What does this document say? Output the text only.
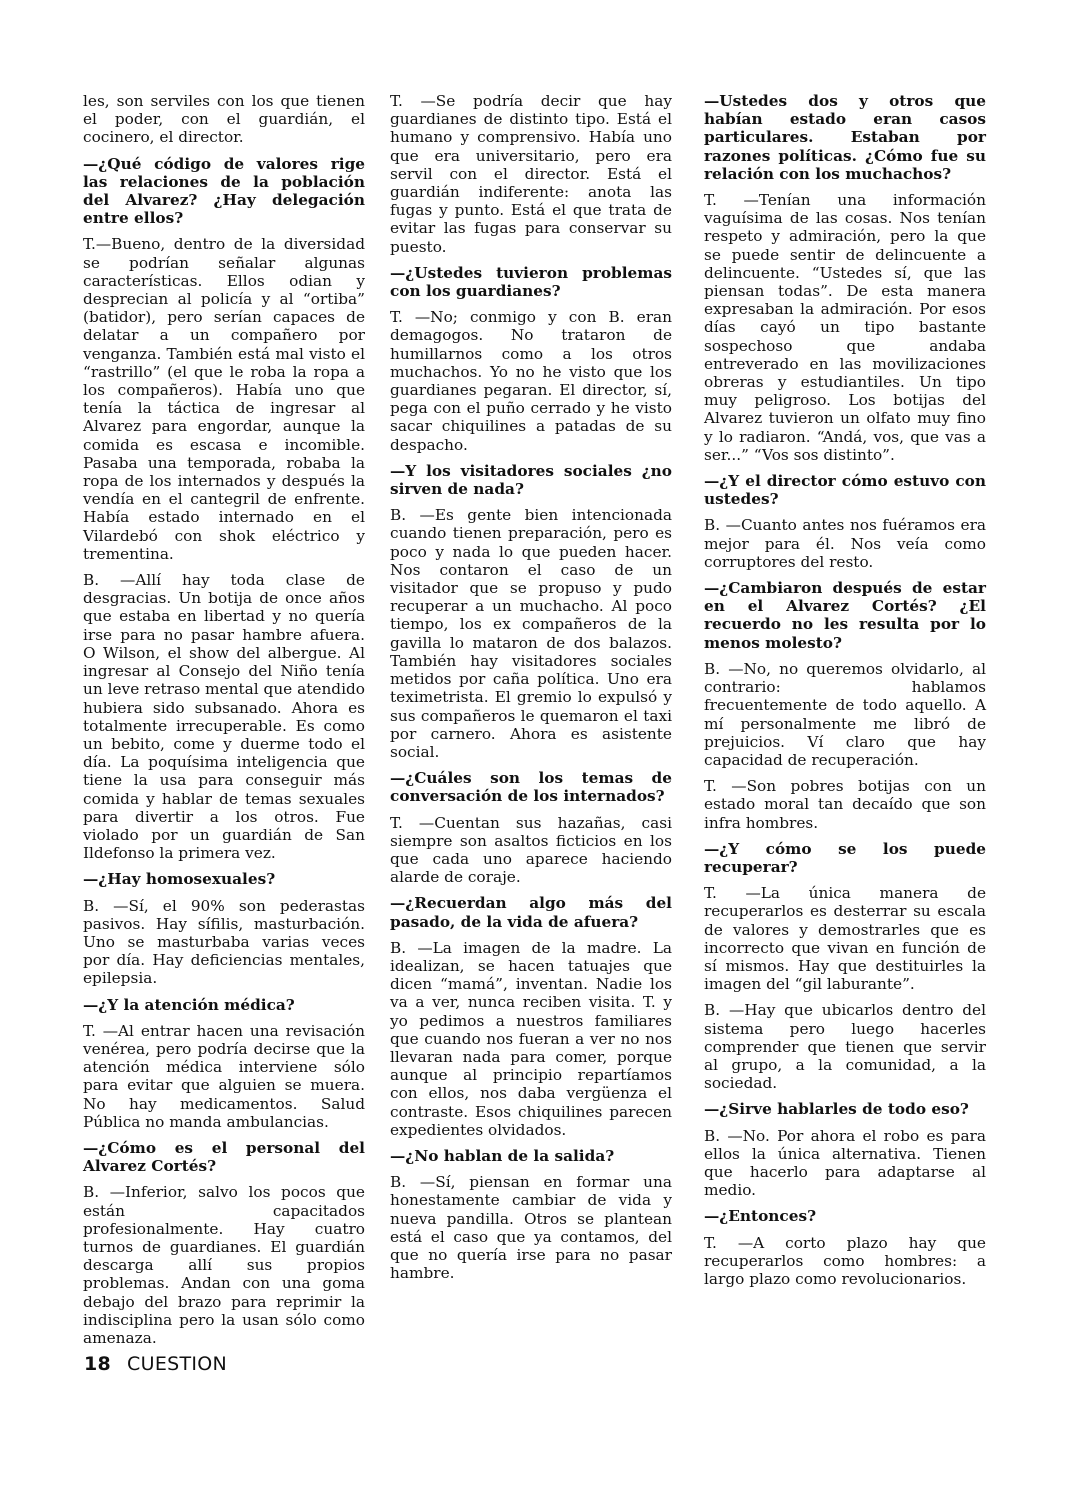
les, son serviles con los que tienen el poder, con el guardián, el cocinero, el director.

—¿Qué código de valores rige las relaciones de la población del Alvarez? ¿Hay delegación entre ellos?

T.—Bueno, dentro de la diversidad se podrían señalar algunas características. Ellos odian y desprecian al policía y al “ortiba” (batidor), pero serían capaces de delatar a un compañero por venganza. También está mal visto el “rastrillo” (el que le roba la ropa a los compañeros). Había uno que tenía la táctica de ingresar al Alvarez para engordar, aunque la comida es escasa e incomible. Pasaba una temporada, robaba la ropa de los internados y después la vendía en el cantegril de enfrente. Había estado internado en el Vilardebó con shok eléctrico y trementina.

B. —Allí hay toda clase de desgracias. Un botija de once años que estaba en libertad y no quería irse para no pasar hambre afuera. O Wilson, el show del albergue. Al ingresar al Consejo del Niño tenía un leve retraso mental que atendido hubiera sido subsanado. Ahora es totalmente irrecuperable. Es como un bebito, come y duerme todo el día. La poquísima inteligencia que tiene la usa para conseguir más comida y hablar de temas sexuales para divertir a los otros. Fue violado por un guardián de San Ildefonso la primera vez.

—¿Hay homosexuales?

B. —Sí, el 90% son pederastas pasivos. Hay sífilis, masturbación. Uno se masturbaba varias veces por día. Hay deficiencias mentales, epilepsia.

—¿Y la atención médica?

T. —Al entrar hacen una revisación venérea, pero podría decirse que la atención médica interviene sólo para evitar que alguien se muera. No hay medicamentos. Salud Pública no manda ambulancias.

—¿Cómo es el personal del Alvarez Cortés?

B. —Inferior, salvo los pocos que están capacitados profesionalmente. Hay cuatro turnos de guardianes. El guardián descarga allí sus propios problemas. Andan con una goma debajo del brazo para reprimir la indisciplina pero la usan sólo como amenaza.

T. —Se podría decir que hay guardianes de distinto tipo. Está el humano y comprensivo. Había uno que era universitario, pero era servil con el director. Está el guardián indiferente: anota las fugas y punto. Está el que trata de evitar las fugas para conservar su puesto.

—¿Ustedes tuvieron problemas con los guardianes?

T. —No; conmigo y con B. eran demagogos. No trataron de humillarnos como a los otros muchachos. Yo no he visto que los guardianes pegaran. El director, sí, pega con el puño cerrado y he visto sacar chiquilines a patadas de su despacho.

—Y los visitadores sociales ¿no sirven de nada?

B. —Es gente bien intencionada cuando tienen preparación, pero es poco y nada lo que pueden hacer. Nos contaron el caso de un visitador que se propuso y pudo recuperar a un muchacho. Al poco tiempo, los ex compañeros de la gavilla lo mataron de dos balazos. También hay visitadores sociales metidos por caña política. Uno era teximetrista. El gremio lo expulsó y sus compañeros le quemaron el taxi por carnero. Ahora es asistente social.

—¿Cuáles son los temas de conversación de los internados?

T. —Cuentan sus hazañas, casi siempre son asaltos ficticios en los que cada uno aparece haciendo alarde de coraje.

—¿Recuerdan algo más del pasado, de la vida de afuera?

B. —La imagen de la madre. La idealizan, se hacen tatuajes que dicen “mamá”, inventan. Nadie los va a ver, nunca reciben visita. T. y yo pedimos a nuestros familiares que cuando nos fueran a ver no nos llevaran nada para comer, porque aunque al principio repartíamos con ellos, nos daba vergüenza el contraste. Esos chiquilines parecen expedientes olvidados.

—¿No hablan de la salida?

B. —Sí, piensan en formar una honestamente cambiar de vida y nueva pandilla. Otros se plantean está el caso que ya contamos, del que no quería irse para no pasar hambre.

—Ustedes dos y otros que habían estado eran casos particulares. Estaban por razones políticas. ¿Cómo fue su relación con los muchachos?

T. —Tenían una información vaguísima de las cosas. Nos tenían respeto y admiración, pero la que se puede sentir de delincuente a delincuente. “Ustedes sí, que las piensan todas”. De esta manera expresaban la admiración. Por esos días cayó un tipo bastante sospechoso que andaba entreverado en las movilizaciones obreras y estudiantiles. Un tipo muy peligroso. Los botijas del Alvarez tuvieron un olfato muy fino y lo radiaron. “Andá, vos, que vas a ser...” “Vos sos distinto”.

—¿Y el director cómo estuvo con ustedes?

B. —Cuanto antes nos fuéramos era mejor para él. Nos veía como corruptores del resto.

—¿Cambiaron después de estar en el Alvarez Cortés? ¿El recuerdo no les resulta por lo menos molesto?

B. —No, no queremos olvidarlo, al contrario: hablamos frecuentemente de todo aquello. A mí personalmente me libró de prejuicios. Ví claro que hay capacidad de recuperación.

T. —Son pobres botijas con un estado moral tan decaído que son infra hombres.

—¿Y cómo se los puede recuperar?

T. —La única manera de recuperarlos es desterrar su escala de valores y demostrarles que es incorrecto que vivan en función de sí mismos. Hay que destituirles la imagen del “gil laburante”.

B. —Hay que ubicarlos dentro del sistema pero luego hacerles comprender que tienen que servir al grupo, a la comunidad, a la sociedad.

—¿Sirve hablarles de todo eso?

B. —No. Por ahora el robo es para ellos la única alternativa. Tienen que hacerlo para adaptarse al medio.

—¿Entonces?

T. —A corto plazo hay que recuperarlos como hombres: a largo plazo como revolucionarios.

18 CUESTION
